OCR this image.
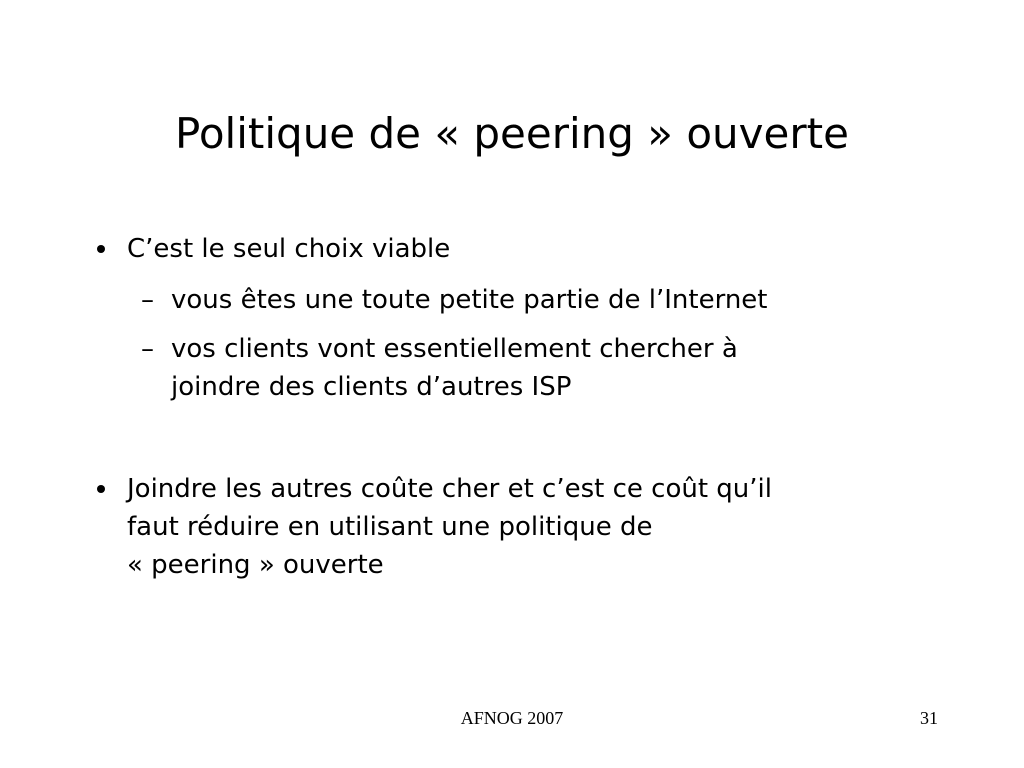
Politique de « peering » ouverte
C’est le seul choix viable
– vous êtes une toute petite partie de l’Internet
– vos clients vont essentiellement chercher à
joindre des clients d’autres ISP
Joindre les autres coûte cher et c’est ce coût qu’il
faut réduire en utilisant une politique de
« peering » ouverte
AFNOG 2007	31
